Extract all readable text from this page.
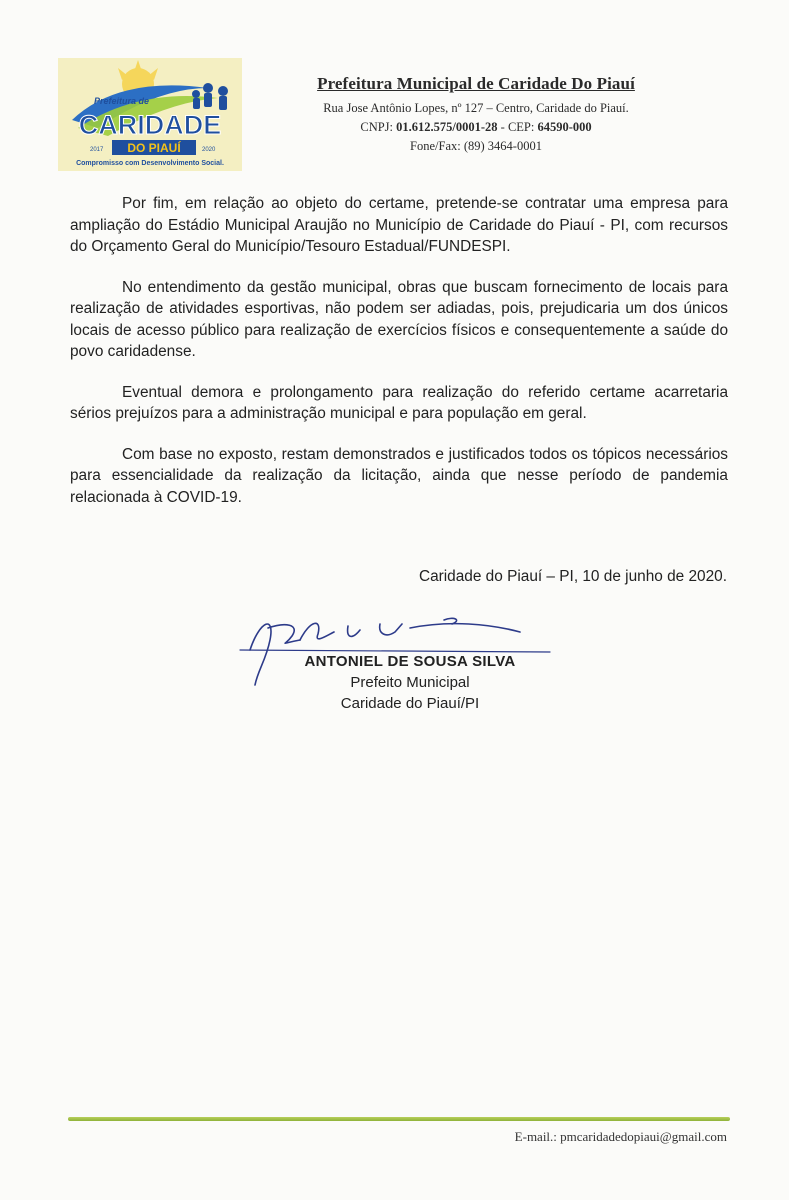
Prefeitura de
CARIDADE
DO PIAUÍ
2017	2020
Compromisso com Desenvolvimento Social.
Prefeitura Municipal de Caridade Do Piauí
Rua Jose Antônio Lopes, nº 127 – Centro, Caridade do Piauí.
CNPJ: 01.612.575/0001-28 - CEP: 64590-000
Fone/Fax: (89) 3464-0001

Por fim, em relação ao objeto do certame, pretende-se contratar uma empresa para ampliação do Estádio Municipal Araujão no Município de Caridade do Piauí - PI, com recursos do Orçamento Geral do Município/Tesouro Estadual/FUNDESPI.

No entendimento da gestão municipal, obras que buscam fornecimento de locais para realização de atividades esportivas, não podem ser adiadas, pois, prejudicaria um dos únicos locais de acesso público para realização de exercícios físicos e consequentemente a saúde do povo caridadense.

Eventual demora e prolongamento para realização do referido certame acarretaria sérios prejuízos para a administração municipal e para população em geral.

Com base no exposto, restam demonstrados e justificados todos os tópicos necessários para essencialidade da realização da licitação, ainda que nesse período de pandemia relacionada à COVID-19.

Caridade do Piauí – PI, 10 de junho de 2020.
ANTONIEL DE SOUSA SILVA
Prefeito Municipal
Caridade do Piauí/PI
E-mail.: pmcaridadedopiaui@gmail.com
